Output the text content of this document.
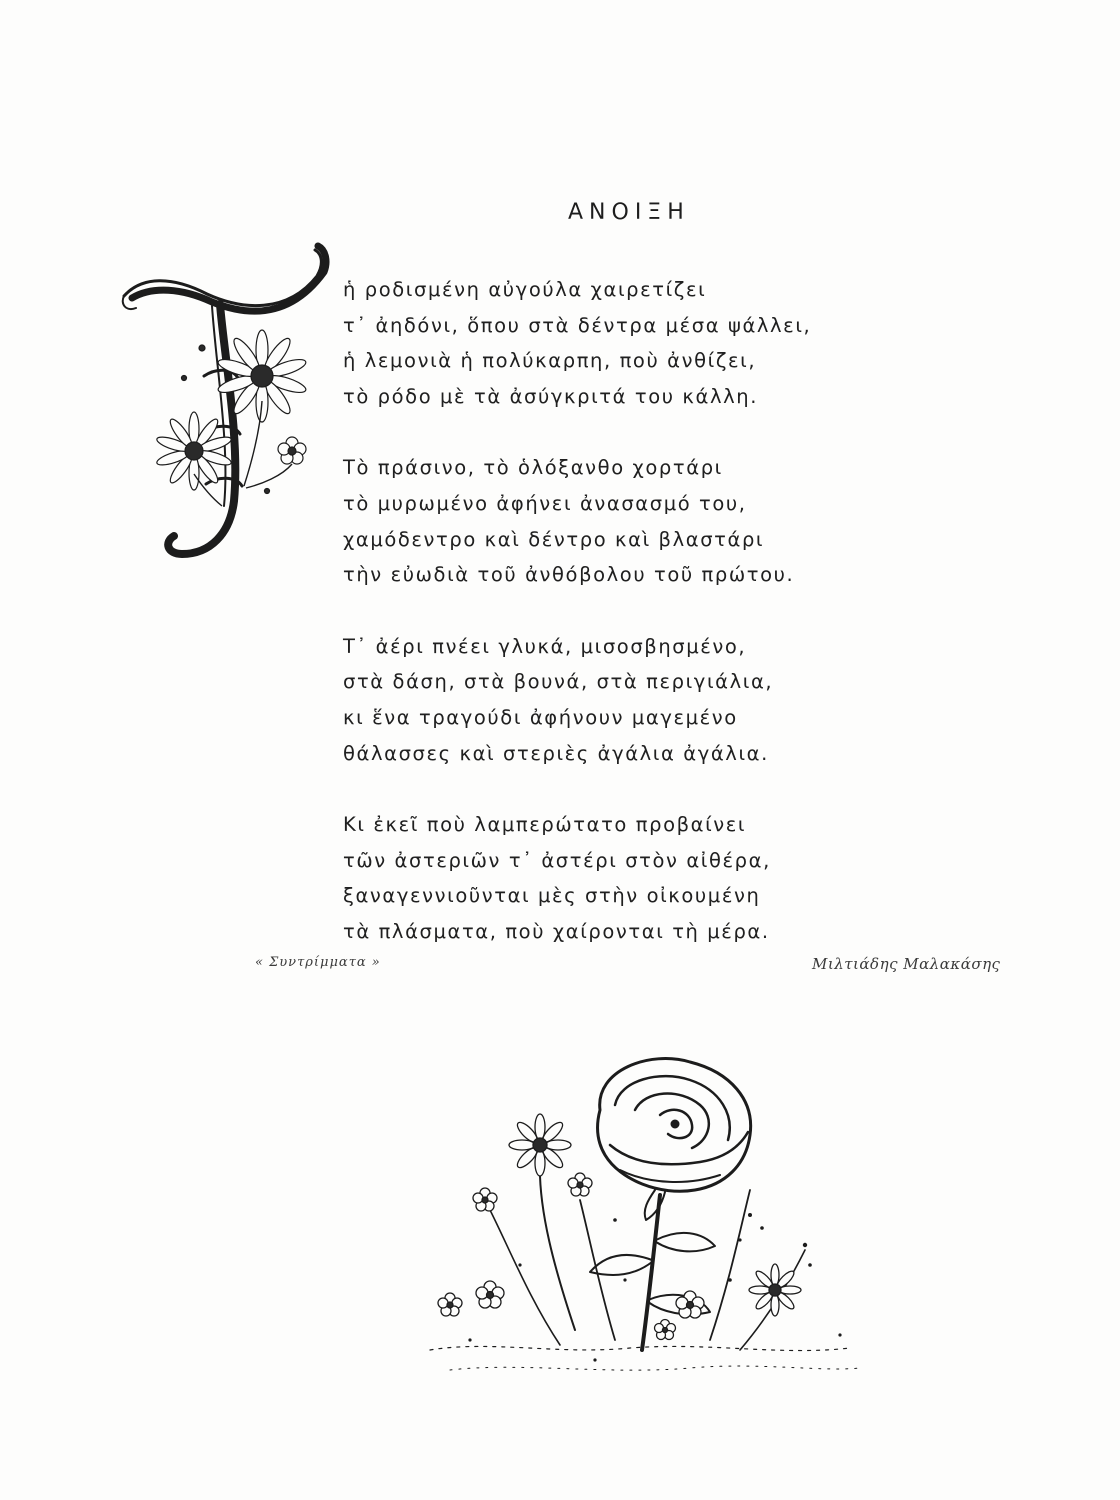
ΑΝΟΙΞΗ
ἡ ροδισμένη αὐγούλα χαιρετίζει
τ᾽ ἀηδόνι, ὅπου στὰ δέντρα μέσα ψάλλει,
ἡ λεμονιὰ ἡ πολύκαρπη, ποὺ ἀνθίζει,
τὸ ρόδο μὲ τὰ ἀσύγκριτά του κάλλη.
Τὸ πράσινο, τὸ ὁλόξανθο χορτάρι
τὸ μυρωμένο ἀφήνει ἀνασασμό του,
χαμόδεντρο καὶ δέντρο καὶ βλαστάρι
τὴν εὐωδιὰ τοῦ ἀνθόβολου τοῦ πρώτου.
Τ᾽ ἀέρι πνέει γλυκά, μισοσβησμένο,
στὰ δάση, στὰ βουνά, στὰ περιγιάλια,
κι ἕνα τραγούδι ἀφήνουν μαγεμένο
θάλασσες καὶ στεριὲς ἀγάλια ἀγάλια.
Κι ἐκεῖ ποὺ λαμπερώτατο προβαίνει
τῶν ἀστεριῶν τ᾽ ἀστέρι στὸν αἰθέρα,
ξαναγεννιοῦνται μὲς στὴν οἰκουμένη
τὰ πλάσματα, ποὺ χαίρονται τὴ μέρα.
« Συντρίμματα »	Μιλτιάδης Μαλακάσης
